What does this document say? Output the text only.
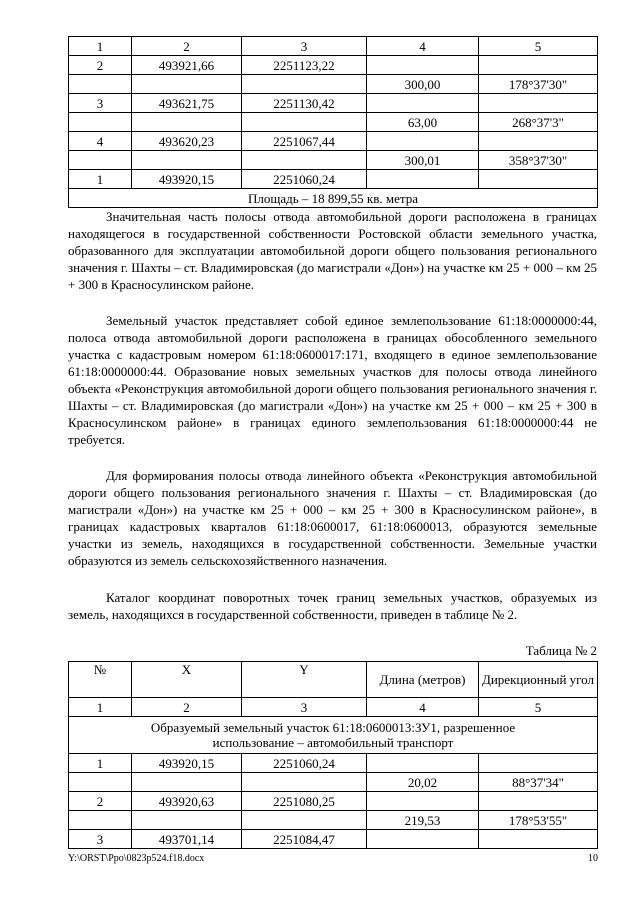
1	2	3	4	5
2	493921,66	2251123,22		
			300,00	178°37'30"
3	493621,75	2251130,42		
			63,00	268°37'3"
4	493620,23	2251067,44		
			300,01	358°37'30"
1	493920,15	2251060,24		
Площадь – 18 899,55 кв. метра				

Значительная часть полосы отвода автомобильной дороги расположена в границах находящегося в государственной собственности Ростовской области земельного участка, образованного для эксплуатации автомобильной дороги общего пользования регионального значения г. Шахты – ст. Владимировская (до магистрали «Дон») на участке км 25 + 000 – км 25 + 300 в Красносулинском районе.

Земельный участок представляет собой единое землепользование 61:18:0000000:44, полоса отвода автомобильной дороги расположена в границах обособленного земельного участка с кадастровым номером 61:18:0600017:171, входящего в единое землепользование 61:18:0000000:44. Образование новых земельных участков для полосы отвода линейного объекта «Реконструкция автомобильной дороги общего пользования регионального значения г. Шахты – ст. Владимировская (до магистрали «Дон») на участке км 25 + 000 – км 25 + 300 в Красносулинском районе» в границах единого землепользования 61:18:0000000:44 не требуется.

Для формирования полосы отвода линейного объекта «Реконструкция автомобильной дороги общего пользования регионального значения г. Шахты – ст. Владимировская (до магистрали «Дон») на участке км 25 + 000 – км 25 + 300 в Красносулинском районе», в границах кадастровых кварталов 61:18:0600017, 61:18:0600013, образуются земельные участки из земель, находящихся в государственной собственности. Земельные участки образуются из земель сельскохозяйственного назначения.

Каталог координат поворотных точек границ земельных участков, образуемых из земель, находящихся в государственной собственности, приведен в таблице № 2.

Таблица № 2
№	X	Y	Длина (метров)	Дирекционный угол
1	2	3	4	5
Образуемый земельный участок 61:18:0600013:ЗУ1, разрешенное использование – автомобильный транспорт				
1	493920,15	2251060,24		
			20,02	88°37'34"
2	493920,63	2251080,25		
			219,53	178°53'55"
3	493701,14	2251084,47		
Y:\ORST\Ppo\0823p524.f18.docx	10
